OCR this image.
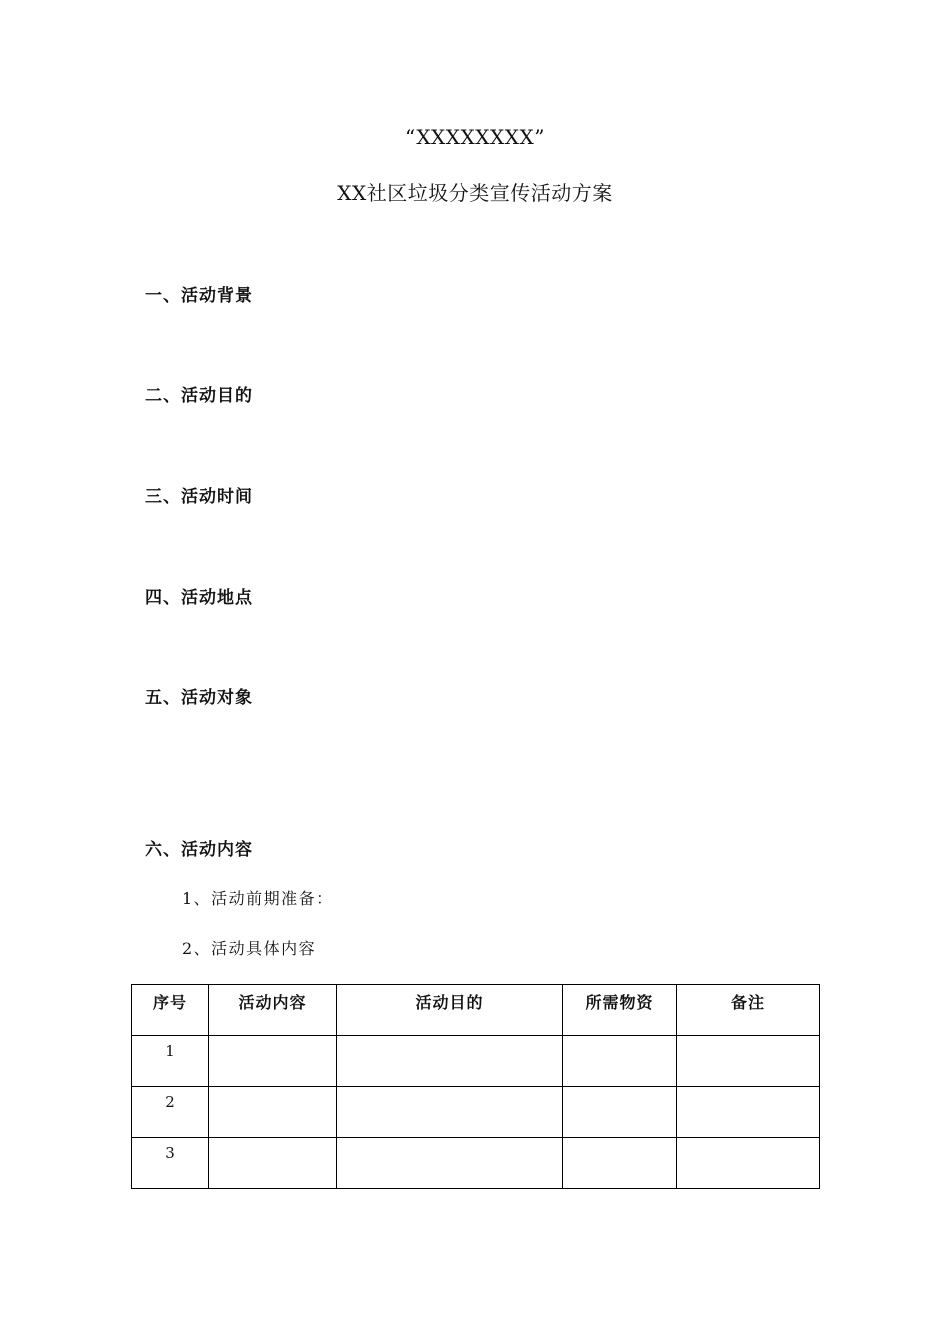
“XXXXXXXX”
XX社区垃圾分类宣传活动方案
一、活动背景
二、活动目的
三、活动时间
四、活动地点
五、活动对象
六、活动内容
1、活动前期准备：
2、活动具体内容
序号	活动内容	活动目的	所需物资	备注
1				
2				
3				
